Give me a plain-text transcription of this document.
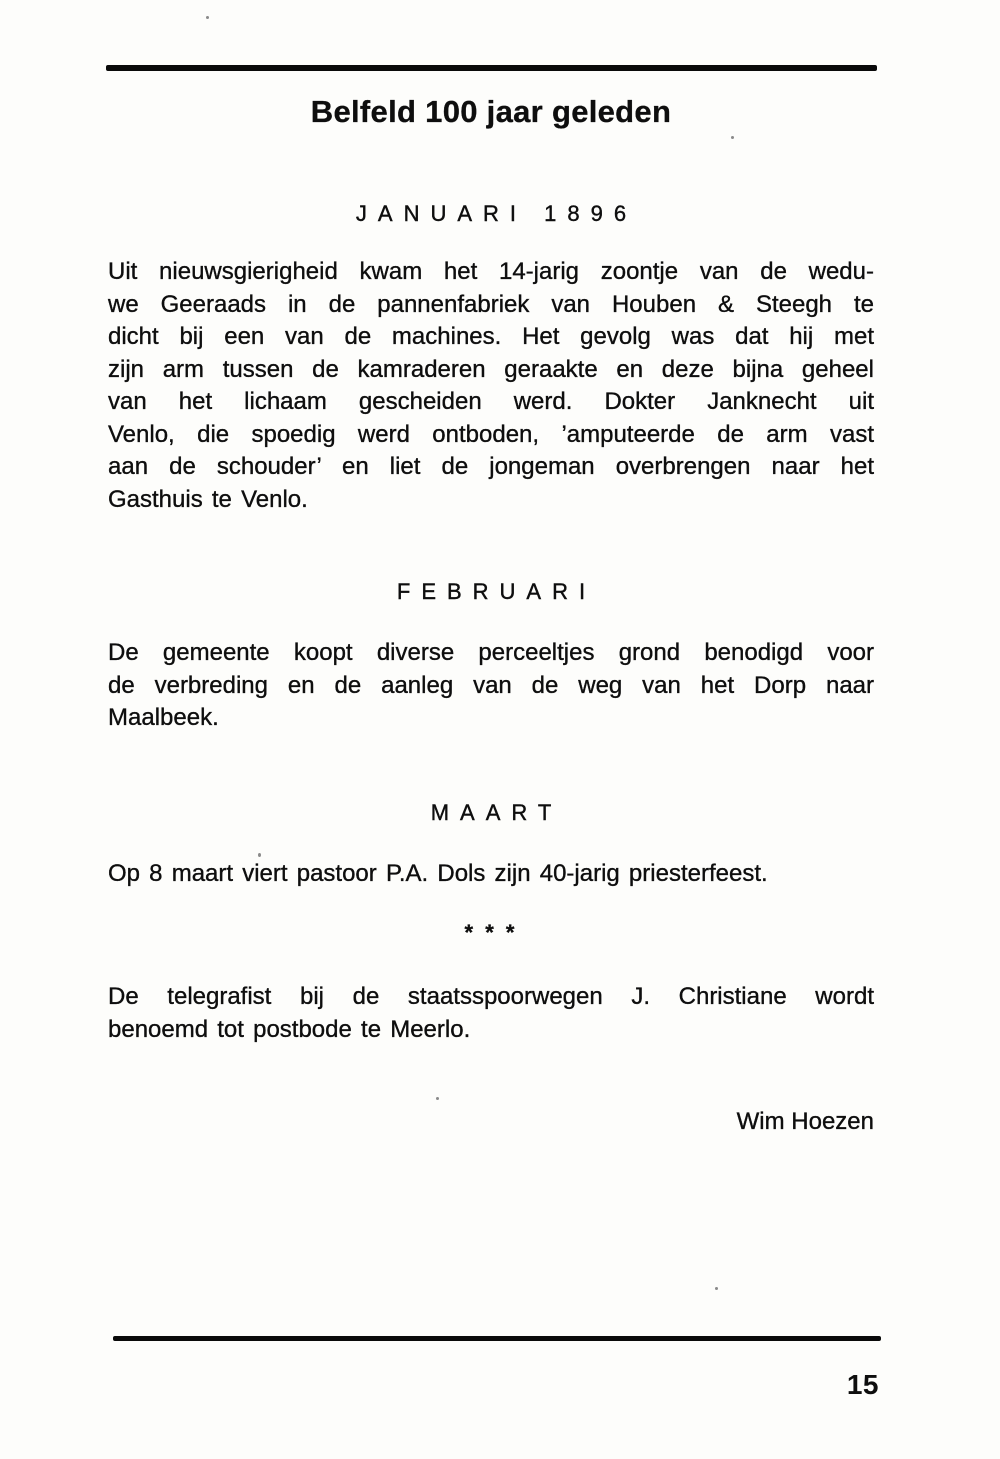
Belfeld 100 jaar geleden
JANUARI 1896
Uit nieuwsgierigheid kwam het 14-jarig zoontje van de wedu-
we Geeraads in de pannenfabriek van Houben & Steegh te
dicht bij een van de machines. Het gevolg was dat hij met
zijn arm tussen de kamraderen geraakte en deze bijna geheel
van het lichaam gescheiden werd. Dokter Janknecht uit
Venlo, die spoedig werd ontboden, ’amputeerde de arm vast
aan de schouder’ en liet de jongeman overbrengen naar het
Gasthuis te Venlo.
FEBRUARI
De gemeente koopt diverse perceeltjes grond benodigd voor
de verbreding en de aanleg van de weg van het Dorp naar
Maalbeek.
MAART
Op 8 maart viert pastoor P.A. Dols zijn 40-jarig priesterfeest.
* * *
De telegrafist bij de staatsspoorwegen J. Christiane wordt
benoemd tot postbode te Meerlo.
Wim Hoezen
15
